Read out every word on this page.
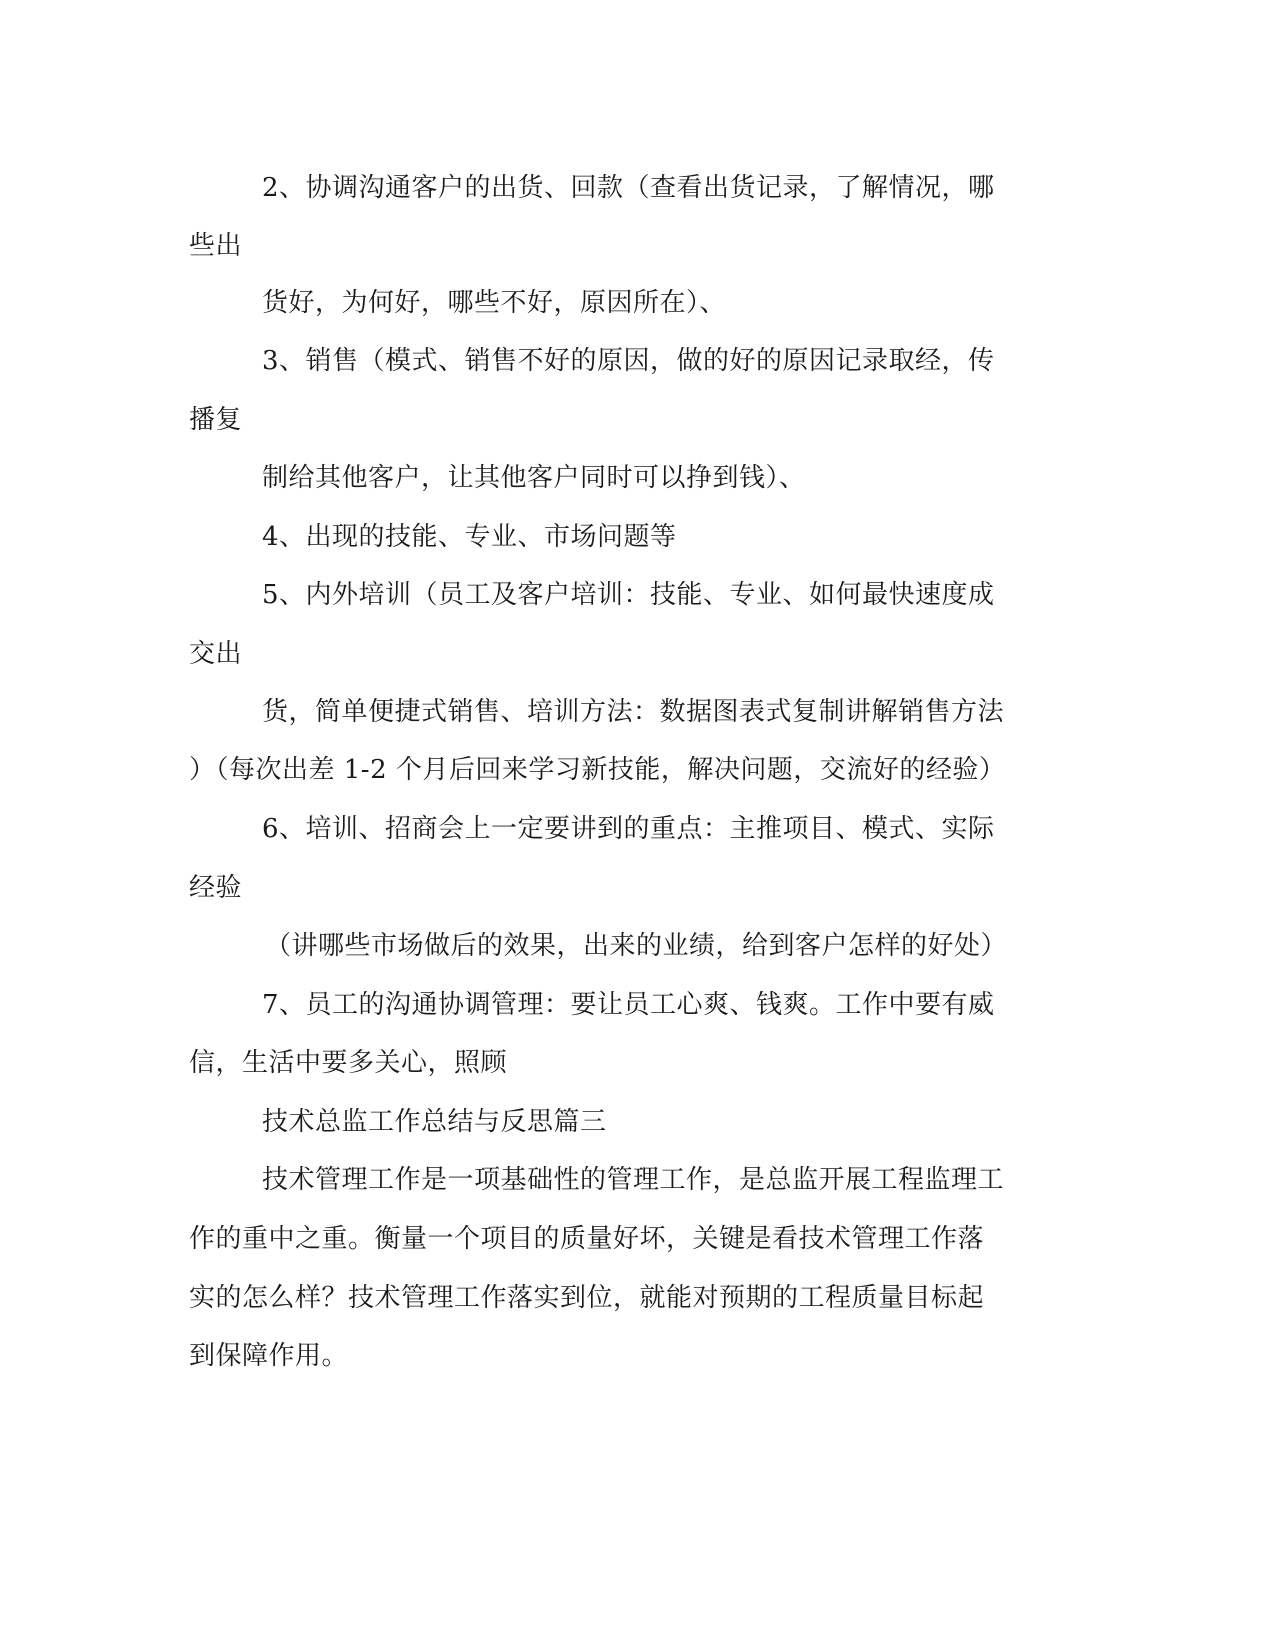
2、协调沟通客户的出货、回款（查看出货记录，了解情况，哪
些出
货好，为何好，哪些不好，原因所在）、
3、销售（模式、销售不好的原因，做的好的原因记录取经，传
播复
制给其他客户，让其他客户同时可以挣到钱）、
4、出现的技能、专业、市场问题等
5、内外培训（员工及客户培训：技能、专业、如何最快速度成
交出
货，简单便捷式销售、培训方法：数据图表式复制讲解销售方法
）（每次出差 1-2 个月后回来学习新技能，解决问题，交流好的经验）
6、培训、招商会上一定要讲到的重点：主推项目、模式、实际
经验
（讲哪些市场做后的效果，出来的业绩，给到客户怎样的好处）
7、员工的沟通协调管理：要让员工心爽、钱爽。工作中要有威
信，生活中要多关心，照顾
技术总监工作总结与反思篇三
技术管理工作是一项基础性的管理工作，是总监开展工程监理工
作的重中之重。衡量一个项目的质量好坏，关键是看技术管理工作落
实的怎么样？技术管理工作落实到位，就能对预期的工程质量目标起
到保障作用。
